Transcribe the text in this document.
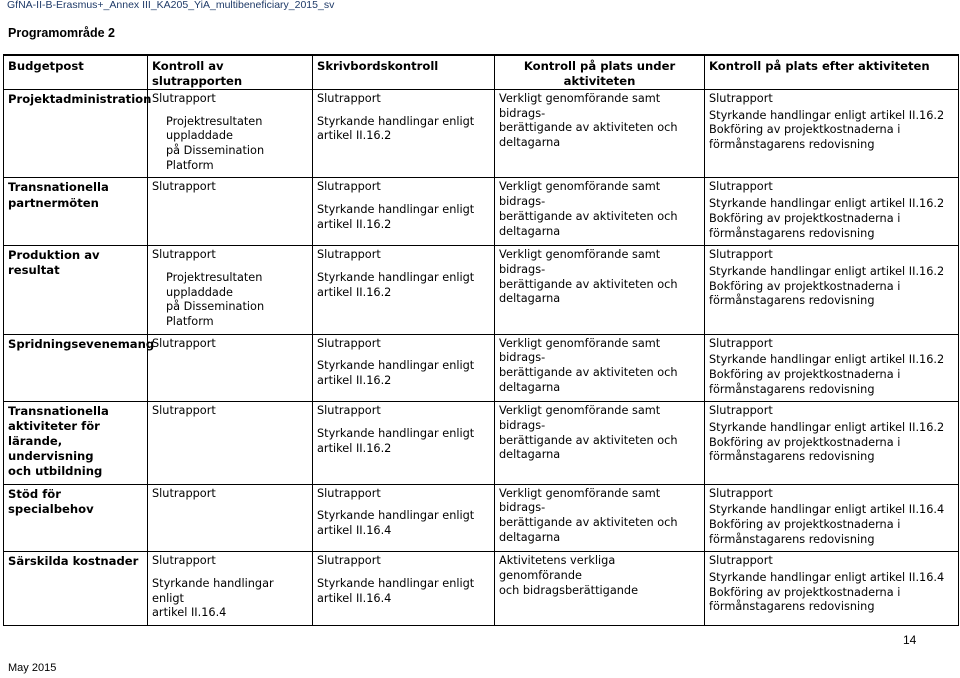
GfNA-II-B-Erasmus+_Annex III_KA205_YiA_multibeneficiary_2015_sv
Programområde 2
Budgetpost	Kontroll av slutrapporten	Skrivbordskontroll	Kontroll på plats under aktiviteten	Kontroll på plats efter aktiviteten

Projektadministration	Slutrapport
Projektresultaten uppladdade
på Dissemination Platform	Slutrapport
Styrkande handlingar enligt
artikel II.16.2	Verkligt genomförande samt bidrags-
berättigande av aktiviteten och
deltagarna	Slutrapport
Styrkande handlingar enligt artikel II.16.2
Bokföring av projektkostnaderna i
förmånstagarens redovisning

Transnationella
partnermöten	Slutrapport	Slutrapport
Styrkande handlingar enligt
artikel II.16.2	Verkligt genomförande samt bidrags-
berättigande av aktiviteten och
deltagarna	Slutrapport
Styrkande handlingar enligt artikel II.16.2
Bokföring av projektkostnaderna i
förmånstagarens redovisning

Produktion av
resultat	Slutrapport
Projektresultaten uppladdade
på Dissemination Platform	Slutrapport
Styrkande handlingar enligt
artikel II.16.2	Verkligt genomförande samt bidrags-
berättigande av aktiviteten och
deltagarna	Slutrapport
Styrkande handlingar enligt artikel II.16.2
Bokföring av projektkostnaderna i
förmånstagarens redovisning

Spridningsevenemang	Slutrapport	Slutrapport
Styrkande handlingar enligt
artikel II.16.2	Verkligt genomförande samt bidrags-
berättigande av aktiviteten och
deltagarna	Slutrapport
Styrkande handlingar enligt artikel II.16.2
Bokföring av projektkostnaderna i
förmånstagarens redovisning

Transnationella
aktiviteter för
lärande, undervisning
och utbildning	Slutrapport	Slutrapport
Styrkande handlingar enligt
artikel II.16.2	Verkligt genomförande samt bidrags-
berättigande av aktiviteten och
deltagarna	Slutrapport
Styrkande handlingar enligt artikel II.16.2
Bokföring av projektkostnaderna i
förmånstagarens redovisning

Stöd för specialbehov	Slutrapport	Slutrapport
Styrkande handlingar enligt
artikel II.16.4	Verkligt genomförande samt bidrags-
berättigande av aktiviteten och
deltagarna	Slutrapport
Styrkande handlingar enligt artikel II.16.4
Bokföring av projektkostnaderna i
förmånstagarens redovisning

Särskilda kostnader	Slutrapport
Styrkande handlingar enligt
artikel II.16.4	Slutrapport
Styrkande handlingar enligt
artikel II.16.4	Aktivitetens verkliga genomförande
och bidragsberättigande	Slutrapport
Styrkande handlingar enligt artikel II.16.4
Bokföring av projektkostnaderna i
förmånstagarens redovisning
14
May 2015
